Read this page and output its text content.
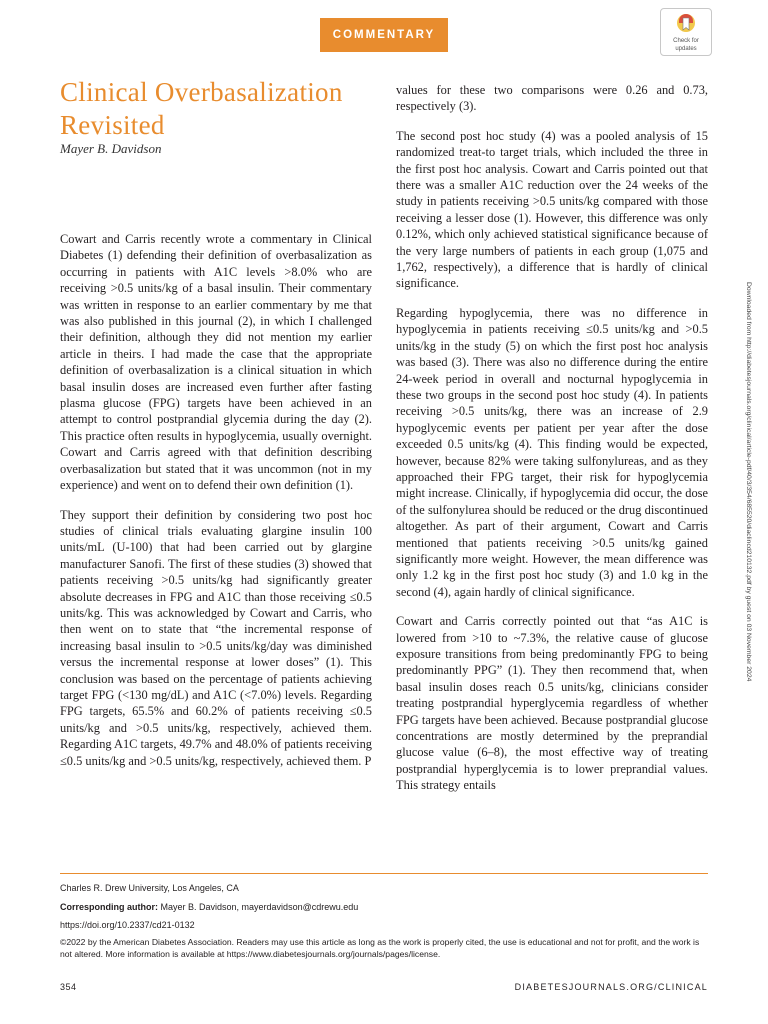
COMMENTARY	Check for
updates
Clinical Overbasalization Revisited
Mayer B. Davidson

Cowart and Carris recently wrote a commentary in Clinical Diabetes (1) defending their definition of overbasalization as occurring in patients with A1C levels >8.0% who are receiving >0.5 units/kg of a basal insulin. Their commentary was written in response to an earlier commentary by me that was also published in this journal (2), in which I challenged their definition, although they did not mention my earlier article in theirs. I had made the case that the appropriate definition of overbasalization is a clinical situation in which basal insulin doses are increased even further after fasting plasma glucose (FPG) targets have been achieved in an attempt to control postprandial glycemia during the day (2). This practice often results in hypoglycemia, usually overnight. Cowart and Carris agreed with that definition describing overbasalization but stated that it was uncommon (not in my experience) and went on to defend their own definition (1).

They support their definition by considering two post hoc studies of clinical trials evaluating glargine insulin 100 units/mL (U-100) that had been carried out by glargine manufacturer Sanofi. The first of these studies (3) showed that patients receiving >0.5 units/kg had significantly greater absolute decreases in FPG and A1C than those receiving ≤0.5 units/kg. This was acknowledged by Cowart and Carris, who then went on to state that “the incremental response of increasing basal insulin to >0.5 units/kg/day was diminished versus the incremental response at lower doses” (1). This conclusion was based on the percentage of patients achieving target FPG (<130 mg/dL) and A1C (<7.0%) levels. Regarding FPG targets, 65.5% and 60.2% of patients receiving ≤0.5 units/kg and >0.5 units/kg, respectively, achieved them. Regarding A1C targets, 49.7% and 48.0% of patients receiving ≤0.5 units/kg and >0.5 units/kg, respectively, achieved them. P

values for these two comparisons were 0.26 and 0.73, respectively (3).

The second post hoc study (4) was a pooled analysis of 15 randomized treat-to target trials, which included the three in the first post hoc analysis. Cowart and Carris pointed out that there was a smaller A1C reduction over the 24 weeks of the study in patients receiving >0.5 units/kg compared with those receiving a lesser dose (1). However, this difference was only 0.12%, which only achieved statistical significance because of the very large numbers of patients in each group (1,075 and 1,762, respectively), a difference that is hardly of clinical significance.

Regarding hypoglycemia, there was no difference in hypoglycemia in patients receiving ≤0.5 units/kg and >0.5 units/kg in the study (5) on which the first post hoc analysis was based (3). There was also no difference during the entire 24-week period in overall and nocturnal hypoglycemia in these two groups in the second post hoc study (4). In patients receiving >0.5 units/kg, there was an increase of 2.9 hypoglycemic events per patient per year after the dose exceeded 0.5 units/kg (4). This finding would be expected, however, because 82% were taking sulfonylureas, and as they approached their FPG target, their risk for hypoglycemia might increase. Clinically, if hypoglycemia did occur, the dose of the sulfonylurea should be reduced or the drug discontinued altogether. As part of their argument, Cowart and Carris mentioned that patients receiving >0.5 units/kg gained significantly more weight. However, the mean difference was only 1.2 kg in the first post hoc study (3) and 1.0 kg in the second (4), again hardly of clinical significance.

Cowart and Carris correctly pointed out that “as A1C is lowered from >10 to ~7.3%, the relative cause of glucose exposure transitions from being predominantly FPG to being predominantly PPG” (1). They then recommend that, when basal insulin doses reach 0.5 units/kg, clinicians consider treating postprandial hyperglycemia regardless of whether FPG targets have been achieved. Because postprandial glucose concentrations are mostly determined by the preprandial glucose value (6–8), the most effective way of treating postprandial hyperglycemia is to lower preprandial values. This strategy entails

Downloaded from http://diabetesjournals.org/clinical/article-pdf/40/3/354/685520/diaclincd210132.pdf by guest on 03 November 2024
Charles R. Drew University, Los Angeles, CA
Corresponding author: Mayer B. Davidson, mayerdavidson@cdrewu.edu
https://doi.org/10.2337/cd21-0132
©2022 by the American Diabetes Association. Readers may use this article as long as the work is properly cited, the use is educational and not for profit, and the work is not altered. More information is available at https://www.diabetesjournals.org/journals/pages/license.
354	DIABETESJOURNALS.ORG/CLINICAL
